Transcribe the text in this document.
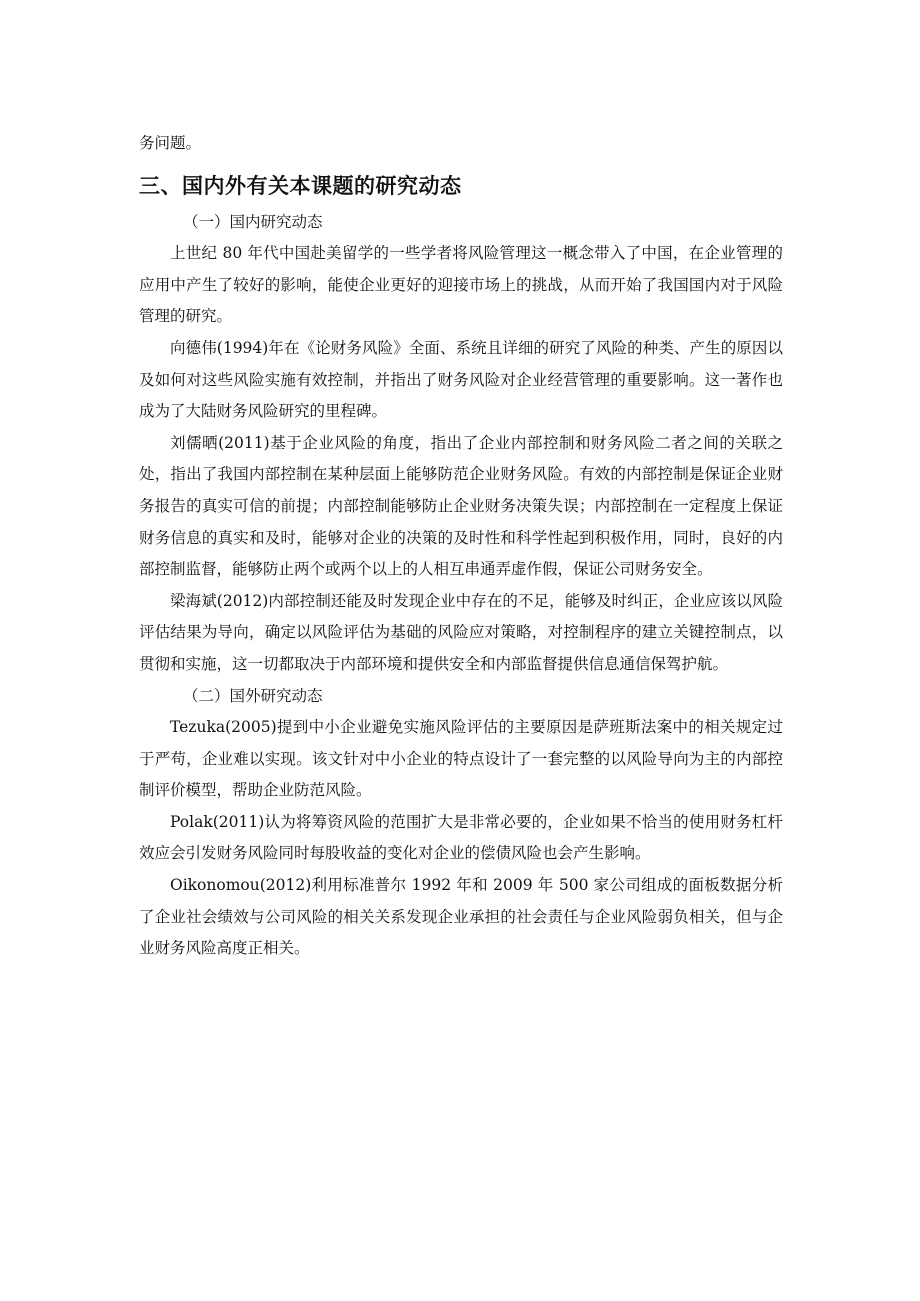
务问题。

三、国内外有关本课题的研究动态
（一）国内研究动态

上世纪 80 年代中国赴美留学的一些学者将风险管理这一概念带入了中国，在企业管理的应用中产生了较好的影响，能使企业更好的迎接市场上的挑战，从而开始了我国国内对于风险管理的研究。

向德伟(1994)年在《论财务风险》全面、系统且详细的研究了风险的种类、产生的原因以及如何对这些风险实施有效控制，并指出了财务风险对企业经营管理的重要影响。这一著作也成为了大陆财务风险研究的里程碑。

刘儒晒(2011)基于企业风险的角度，指出了企业内部控制和财务风险二者之间的关联之处，指出了我国内部控制在某种层面上能够防范企业财务风险。有效的内部控制是保证企业财务报告的真实可信的前提；内部控制能够防止企业财务决策失误；内部控制在一定程度上保证财务信息的真实和及时，能够对企业的决策的及时性和科学性起到积极作用，同时，良好的内部控制监督，能够防止两个或两个以上的人相互串通弄虚作假，保证公司财务安全。

梁海斌(2012)内部控制还能及时发现企业中存在的不足，能够及时纠正，企业应该以风险评估结果为导向，确定以风险评估为基础的风险应对策略，对控制程序的建立关键控制点，以贯彻和实施，这一切都取决于内部环境和提供安全和内部监督提供信息通信保驾护航。

（二）国外研究动态

Tezuka(2005)提到中小企业避免实施风险评估的主要原因是萨班斯法案中的相关规定过于严苟，企业难以实现。该文针对中小企业的特点设计了一套完整的以风险导向为主的内部控制评价模型，帮助企业防范风险。

Polak(2011)认为将筹资风险的范围扩大是非常必要的，企业如果不恰当的使用财务杠杆效应会引发财务风险同时每股收益的变化对企业的偿债风险也会产生影响。

Oikonomou(2012)利用标准普尔 1992 年和 2009 年 500 家公司组成的面板数据分析了企业社会绩效与公司风险的相关关系发现企业承担的社会责任与企业风险弱负相关，但与企业财务风险高度正相关。
